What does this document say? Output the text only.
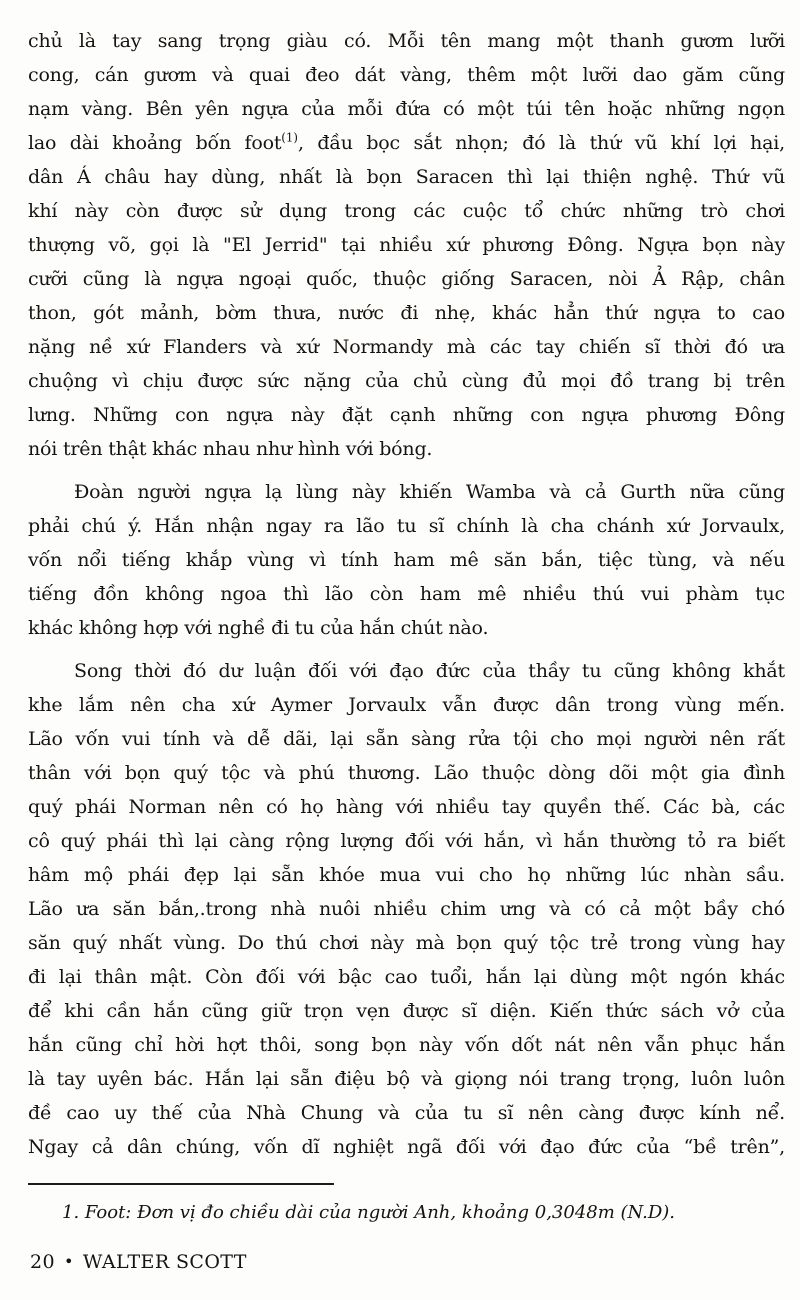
chủ là tay sang trọng giàu có. Mỗi tên mang một thanh gươm lưỡi
cong, cán gươm và quai đeo dát vàng, thêm một lưỡi dao găm cũng
nạm vàng. Bên yên ngựa của mỗi đứa có một túi tên hoặc những ngọn
lao dài khoảng bốn foot$^{(1)}$, đầu bọc sắt nhọn; đó là thứ vũ khí lợi hại,
dân Á châu hay dùng, nhất là bọn Saracen thì lại thiện nghệ. Thứ vũ
khí này còn được sử dụng trong các cuộc tổ chức những trò chơi
thượng võ, gọi là "El Jerrid" tại nhiều xứ phương Đông. Ngựa bọn này
cưỡi cũng là ngựa ngoại quốc, thuộc giống Saracen, nòi Ả Rập, chân
thon, gót mảnh, bờm thưa, nước đi nhẹ, khác hẳn thứ ngựa to cao
nặng nề xứ Flanders và xứ Normandy mà các tay chiến sĩ thời đó ưa
chuộng vì chịu được sức nặng của chủ cùng đủ mọi đồ trang bị trên
lưng. Những con ngựa này đặt cạnh những con ngựa phương Đông
nói trên thật khác nhau như hình với bóng.
Đoàn người ngựa lạ lùng này khiến Wamba và cả Gurth nữa cũng
phải chú ý. Hắn nhận ngay ra lão tu sĩ chính là cha chánh xứ Jorvaulx,
vốn nổi tiếng khắp vùng vì tính ham mê săn bắn, tiệc tùng, và nếu
tiếng đồn không ngoa thì lão còn ham mê nhiều thú vui phàm tục
khác không hợp với nghề đi tu của hắn chút nào.
Song thời đó dư luận đối với đạo đức của thầy tu cũng không khắt
khe lắm nên cha xứ Aymer Jorvaulx vẫn được dân trong vùng mến.
Lão vốn vui tính và dễ dãi, lại sẵn sàng rửa tội cho mọi người nên rất
thân với bọn quý tộc và phú thương. Lão thuộc dòng dõi một gia đình
quý phái Norman nên có họ hàng với nhiều tay quyền thế. Các bà, các
cô quý phái thì lại càng rộng lượng đối với hắn, vì hắn thường tỏ ra biết
hâm mộ phái đẹp lại sẵn khóe mua vui cho họ những lúc nhàn sầu.
Lão ưa săn bắn,.trong nhà nuôi nhiều chim ưng và có cả một bầy chó
săn quý nhất vùng. Do thú chơi này mà bọn quý tộc trẻ trong vùng hay
đi lại thân mật. Còn đối với bậc cao tuổi, hắn lại dùng một ngón khác
để khi cần hắn cũng giữ trọn vẹn được sĩ diện. Kiến thức sách vở của
hắn cũng chỉ hời hợt thôi, song bọn này vốn dốt nát nên vẫn phục hắn
là tay uyên bác. Hắn lại sẵn điệu bộ và giọng nói trang trọng, luôn luôn
đề cao uy thế của Nhà Chung và của tu sĩ nên càng được kính nể.
Ngay cả dân chúng, vốn dĩ nghiệt ngã đối với đạo đức của “bề trên”,
1. Foot: Đơn vị đo chiều dài của người Anh, khoảng 0,3048m (N.D).
20 • WALTER SCOTT
